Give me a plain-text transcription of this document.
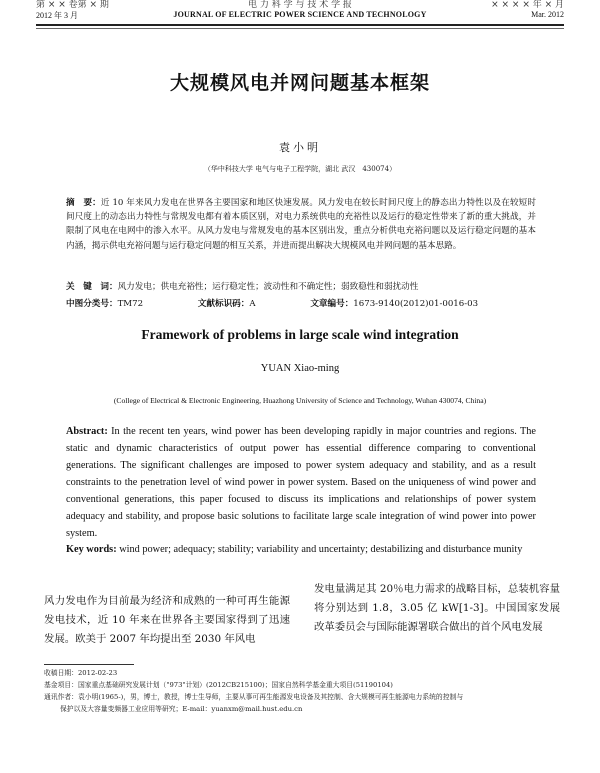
第 × × 卷第 × 期	电 力 科 学 与 技 术 学 报	× × × × 年 × 月
2012 年 3 月	JOURNAL OF ELECTRIC POWER SCIENCE AND TECHNOLOGY	Mar. 2012
大规模风电并网问题基本框架
袁小明
（华中科技大学 电气与电子工程学院，湖北 武汉　430074）
摘　要：近 10 年来风力发电在世界各主要国家和地区快速发展。风力发电在较长时间尺度上的静态出力特性以及在较短时间尺度上的动态出力特性与常规发电都有着本质区别，对电力系统供电的充裕性以及运行的稳定性带来了新的重大挑战，并限制了风电在电网中的渗入水平。从风力发电与常规发电的基本区别出发，重点分析供电充裕问题以及运行稳定问题的基本内涵，揭示供电充裕问题与运行稳定问题的相互关系，并进而提出解决大规模风电并网问题的基本思路。
关　键　词：风力发电；供电充裕性；运行稳定性；波动性和不确定性；弱致稳性和弱扰动性
中图分类号：TM72	文献标识码：A	文章编号：1673-9140(2012)01-0016-03
Framework of problems in large scale wind integration
YUAN Xiao-ming
(College of Electrical & Electronic Engineering, Huazhong University of Science and Technology, Wuhan 430074, China)
Abstract: In the recent ten years, wind power has been developing rapidly in major countries and regions. The static and dynamic characteristics of output power has essential difference comparing to conventional generations. The significant challenges are imposed to power system adequacy and stability, and as a result constraints to the penetration level of wind power in power system. Based on the uniqueness of wind power and conventional generations, this paper focused to discuss its implications and relationships of power system adequacy and stability, and propose basic solutions to facilitate large scale integration of wind power into power system.
Key words: wind power; adequacy; stability; variability and uncertainty; destabilizing and disturbance munity
风力发电作为目前最为经济和成熟的一种可再生能源发电技术，近 10 年来在世界各主要国家得到了迅速发展。欧美于 2007 年均提出至 2030 年风电
发电量满足其 20％电力需求的战略目标，总装机容量将分别达到 1.8，3.05 亿 kW[1-3]。中国国家发展改革委员会与国际能源署联合做出的首个风电发展
收稿日期：2012-02-23
基金项目：国家重点基础研究发展计划（"973"计划）(2012CB215100)；国家自然科学基金重大项目(51190104)
通讯作者：袁小明(1965-)，男，博士，教授，博士生导师，主要从事可再生能源发电设备及其控制、含大规模可再生能源电力系统的控制与
保护以及大容量变频器工业应用等研究；E-mail：yuanxm@mail.hust.edu.cn
